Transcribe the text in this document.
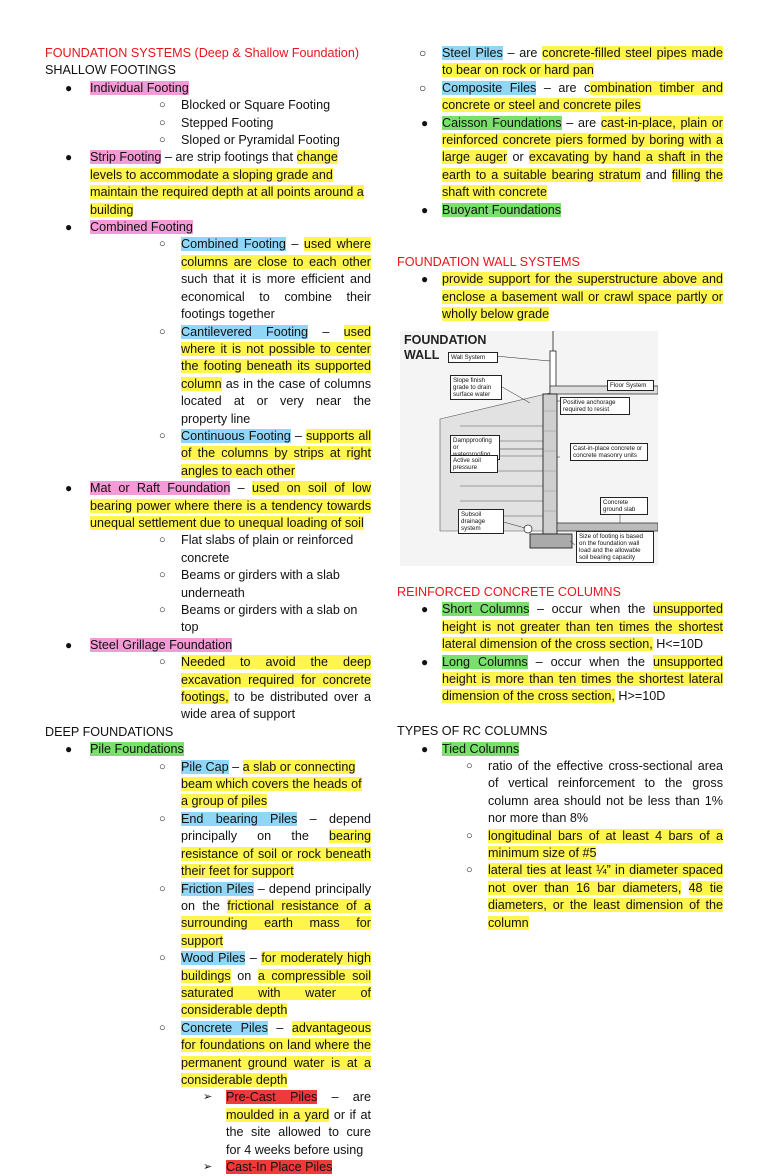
FOUNDATION SYSTEMS (Deep & Shallow Foundation)
SHALLOW FOOTINGS
● Individual Footing
○ Blocked or Square Footing
○ Stepped Footing
○ Sloped or Pyramidal Footing
● Strip Footing – are strip footings that change levels to accommodate a sloping grade and maintain the required depth at all points around a building
● Combined Footing
○ Combined Footing – used where columns are close to each other such that it is more efficient and economical to combine their footings together
○ Cantilevered Footing – used where it is not possible to center the footing beneath its supported column as in the case of columns located at or very near the property line
○ Continuous Footing – supports all of the columns by strips at right angles to each other
● Mat or Raft Foundation – used on soil of low bearing power where there is a tendency towards unequal settlement due to unequal loading of soil
○ Flat slabs of plain or reinforced concrete
○ Beams or girders with a slab underneath
○ Beams or girders with a slab on top
● Steel Grillage Foundation
○ Needed to avoid the deep excavation required for concrete footings, to be distributed over a wide area of support
DEEP FOUNDATIONS
● Pile Foundations
○ Pile Cap – a slab or connecting beam which covers the heads of a group of piles
○ End bearing Piles – depend principally on the bearing resistance of soil or rock beneath their feet for support
○ Friction Piles – depend principally on the frictional resistance of a surrounding earth mass for support
○ Wood Piles – for moderately high buildings on a compressible soil saturated with water of considerable depth
○ Concrete Piles – advantageous for foundations on land where the permanent ground water is at a considerable depth
➢ Pre-Cast Piles – are moulded in a yard or if at the site allowed to cure for 4 weeks before using
➢ Cast-In Place Piles
○ Steel Piles – are concrete-filled steel pipes made to bear on rock or hard pan
○ Composite Files – are combination timber and concrete or steel and concrete piles
● Caisson Foundations – are cast-in-place, plain or reinforced concrete piers formed by boring with a large auger or excavating by hand a shaft in the earth to a suitable bearing stratum and filling the shaft with concrete
● Buoyant Foundations
FOUNDATION WALL SYSTEMS
● provide support for the superstructure above and enclose a basement wall or crawl space partly or wholly below grade
FOUNDATION
WALL	Wall System
Slope finish grade to drain surface water
Floor System
Positive anchorage required to resist
Dampproofing or
Active soil pressure
Cast-in-place concrete or concrete masonry units
Concrete ground slab
Subsoil drainage system
Size of footing is based on the foundation wall load and the allowable soil bearing capacity
REINFORCED CONCRETE COLUMNS
● Short Columns – occur when the unsupported height is not greater than ten times the shortest lateral dimension of the cross section, H<=10D
● Long Columns – occur when the unsupported height is more than ten times the shortest lateral dimension of the cross section, H>=10D
TYPES OF RC COLUMNS
● Tied Columns
○ ratio of the effective cross-sectional area of vertical reinforcement to the gross column area should not be less than 1% nor more than 8%
○ longitudinal bars of at least 4 bars of a minimum size of #5
○ lateral ties at least ¼” in diameter spaced not over than 16 bar diameters, 48 tie diameters, or the least dimension of the column
